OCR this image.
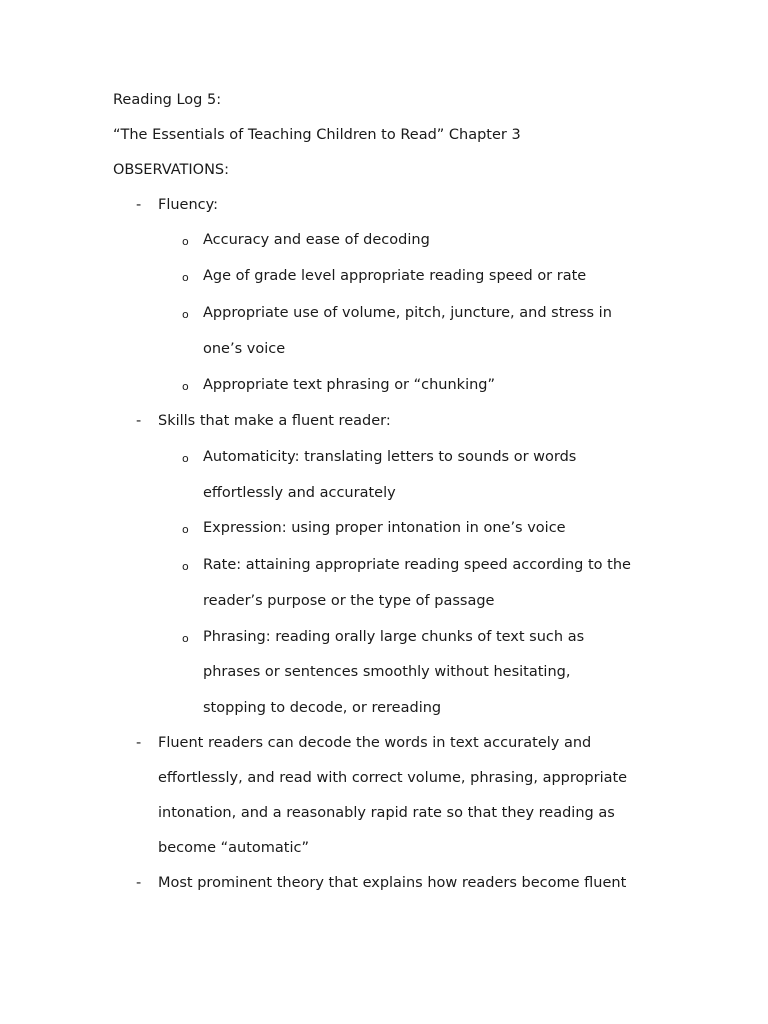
Reading Log 5:
“The Essentials of Teaching Children to Read” Chapter 3
OBSERVATIONS:
- Fluency:
o Accuracy and ease of decoding
o Age of grade level appropriate reading speed or rate
o Appropriate use of volume, pitch, juncture, and stress in
one’s voice
o Appropriate text phrasing or “chunking”
- Skills that make a fluent reader:
o Automaticity: translating letters to sounds or words
effortlessly and accurately
o Expression: using proper intonation in one’s voice
o Rate: attaining appropriate reading speed according to the
reader’s purpose or the type of passage
o Phrasing: reading orally large chunks of text such as
phrases or sentences smoothly without hesitating,
stopping to decode, or rereading
- Fluent readers can decode the words in text accurately and
effortlessly, and read with correct volume, phrasing, appropriate
intonation, and a reasonably rapid rate so that they reading as
become “automatic”
- Most prominent theory that explains how readers become fluent
